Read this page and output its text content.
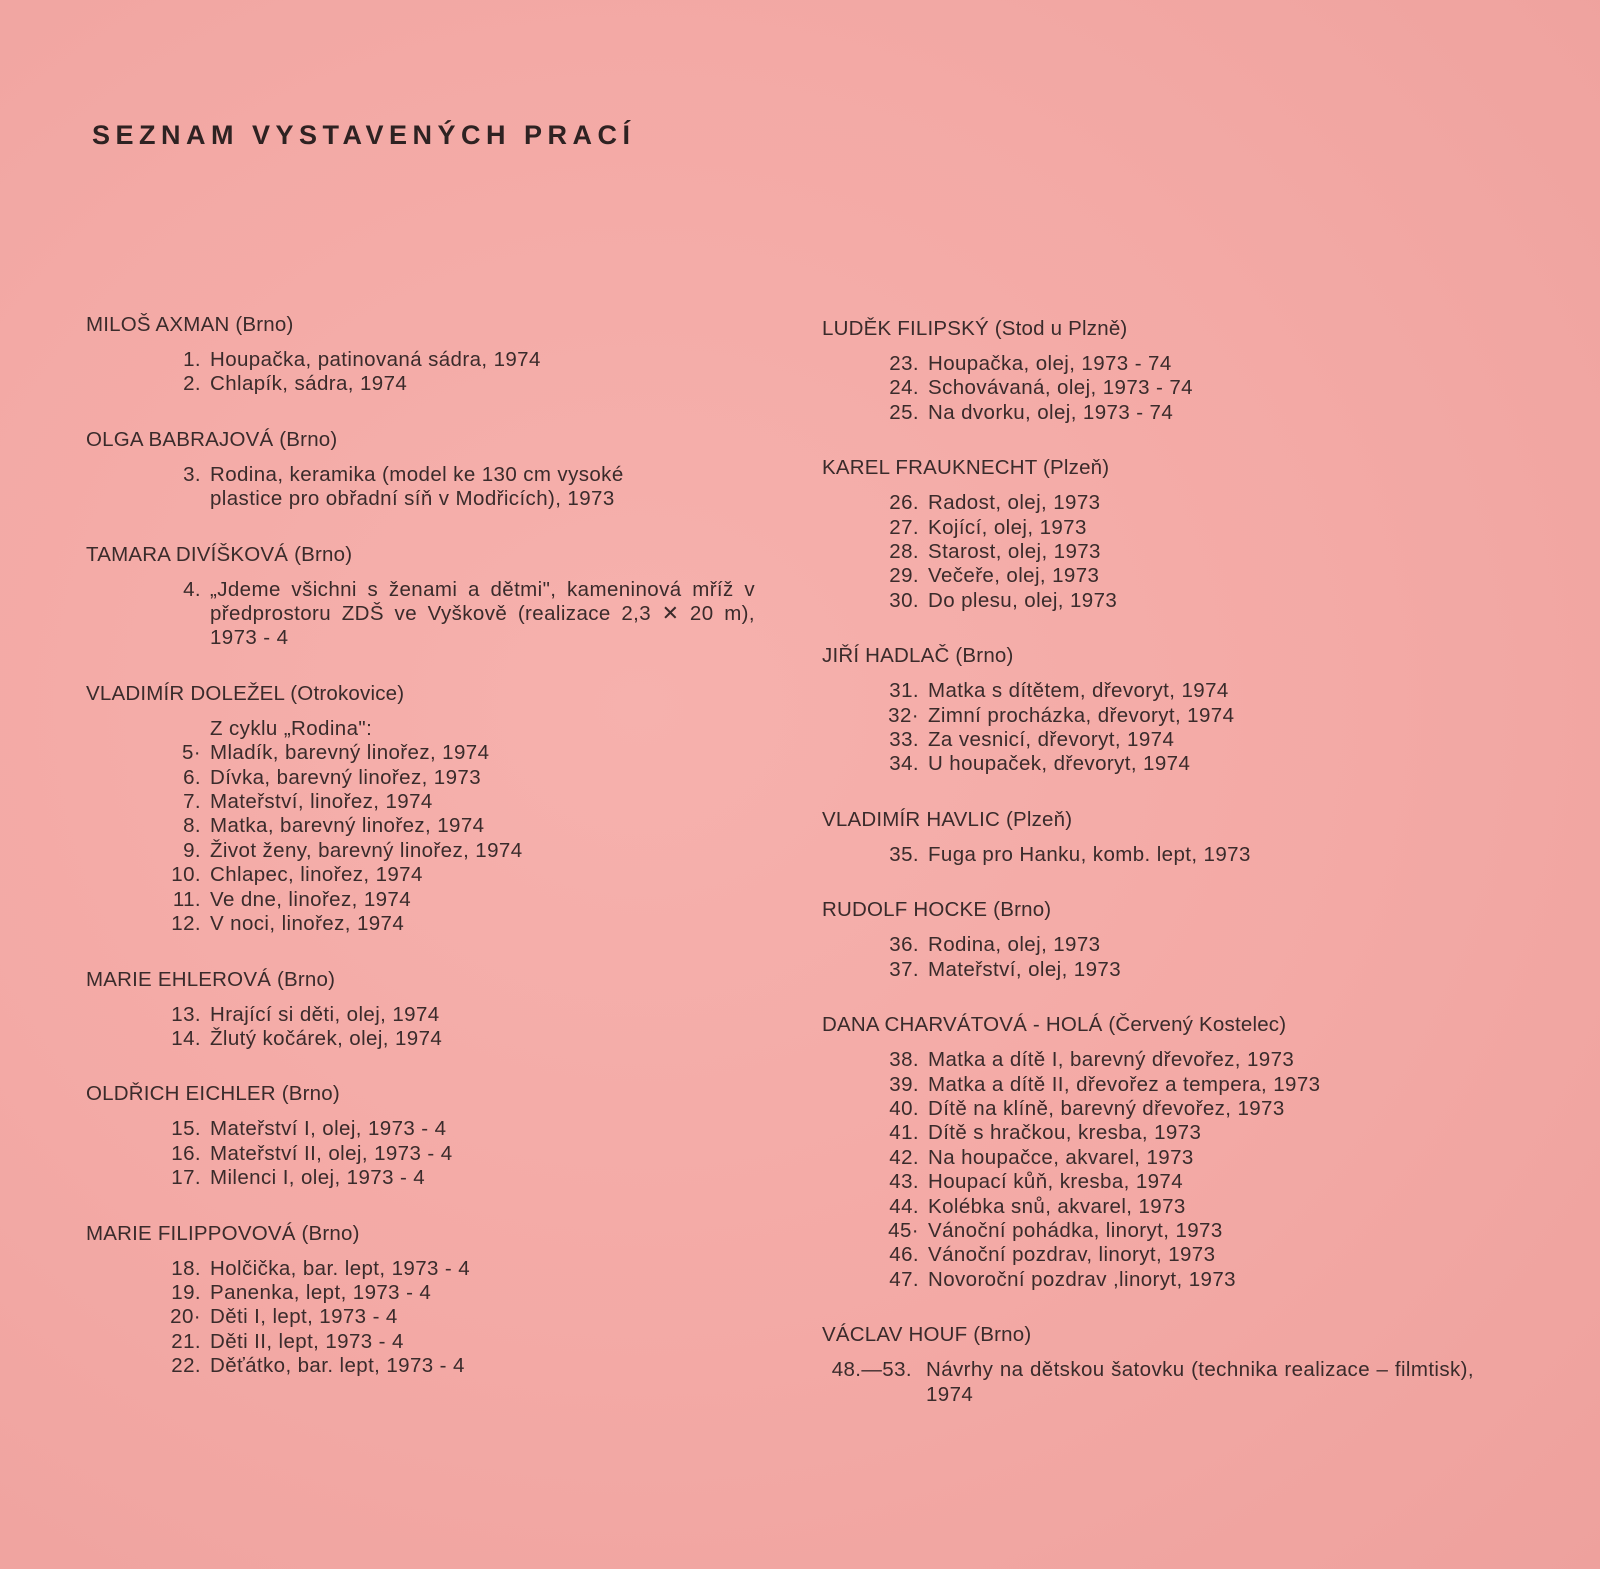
SEZNAM VYSTAVENÝCH PRACÍ
MILOŠ AXMAN (Brno)
1. Houpačka, patinovaná sádra, 1974
2. Chlapík, sádra, 1974
OLGA BABRAJOVÁ (Brno)
3. Rodina, keramika (model ke 130 cm vysoké plastice pro obřadní síň v Modřicích), 1973
TAMARA DIVÍŠKOVÁ (Brno)
4. „Jdeme všichni s ženami a dětmi", kameninová mříž v předprostoru ZDŠ ve Vyškově (realizace 2,3 ✕ 20 m), 1973 - 4
VLADIMÍR DOLEŽEL (Otrokovice)
Z cyklu „Rodina":
5· Mladík, barevný linořez, 1974
6. Dívka, barevný linořez, 1973
7. Mateřství, linořez, 1974
8. Matka, barevný linořez, 1974
9. Život ženy, barevný linořez, 1974
10. Chlapec, linořez, 1974
11. Ve dne, linořez, 1974
12. V noci, linořez, 1974
MARIE EHLEROVÁ (Brno)
13. Hrající si děti, olej, 1974
14. Žlutý kočárek, olej, 1974
OLDŘICH EICHLER (Brno)
15. Mateřství I, olej, 1973 - 4
16. Mateřství II, olej, 1973 - 4
17. Milenci I, olej, 1973 - 4
MARIE FILIPPOVOVÁ (Brno)
18. Holčička, bar. lept, 1973 - 4
19. Panenka, lept, 1973 - 4
20· Děti I, lept, 1973 - 4
21. Děti II, lept, 1973 - 4
22. Děťátko, bar. lept, 1973 - 4
LUDĚK FILIPSKÝ (Stod u Plzně)
23. Houpačka, olej, 1973 - 74
24. Schovávaná, olej, 1973 - 74
25. Na dvorku, olej, 1973 - 74
KAREL FRAUKNECHT (Plzeň)
26. Radost, olej, 1973
27. Kojící, olej, 1973
28. Starost, olej, 1973
29. Večeře, olej, 1973
30. Do plesu, olej, 1973
JIŘÍ HADLAČ (Brno)
31. Matka s dítětem, dřevoryt, 1974
32· Zimní procházka, dřevoryt, 1974
33. Za vesnicí, dřevoryt, 1974
34. U houpaček, dřevoryt, 1974
VLADIMÍR HAVLIC (Plzeň)
35. Fuga pro Hanku, komb. lept, 1973
RUDOLF HOCKE (Brno)
36. Rodina, olej, 1973
37. Mateřství, olej, 1973
DANA CHARVÁTOVÁ - HOLÁ (Červený Kostelec)
38. Matka a dítě I, barevný dřevořez, 1973
39. Matka a dítě II, dřevořez a tempera, 1973
40. Dítě na klíně, barevný dřevořez, 1973
41. Dítě s hračkou, kresba, 1973
42. Na houpačce, akvarel, 1973
43. Houpací kůň, kresba, 1974
44. Kolébka snů, akvarel, 1973
45· Vánoční pohádka, linoryt, 1973
46. Vánoční pozdrav, linoryt, 1973
47. Novoroční pozdrav ,linoryt, 1973
VÁCLAV HOUF (Brno)
48.—53. Návrhy na dětskou šatovku (technika realizace – filmtisk), 1974
